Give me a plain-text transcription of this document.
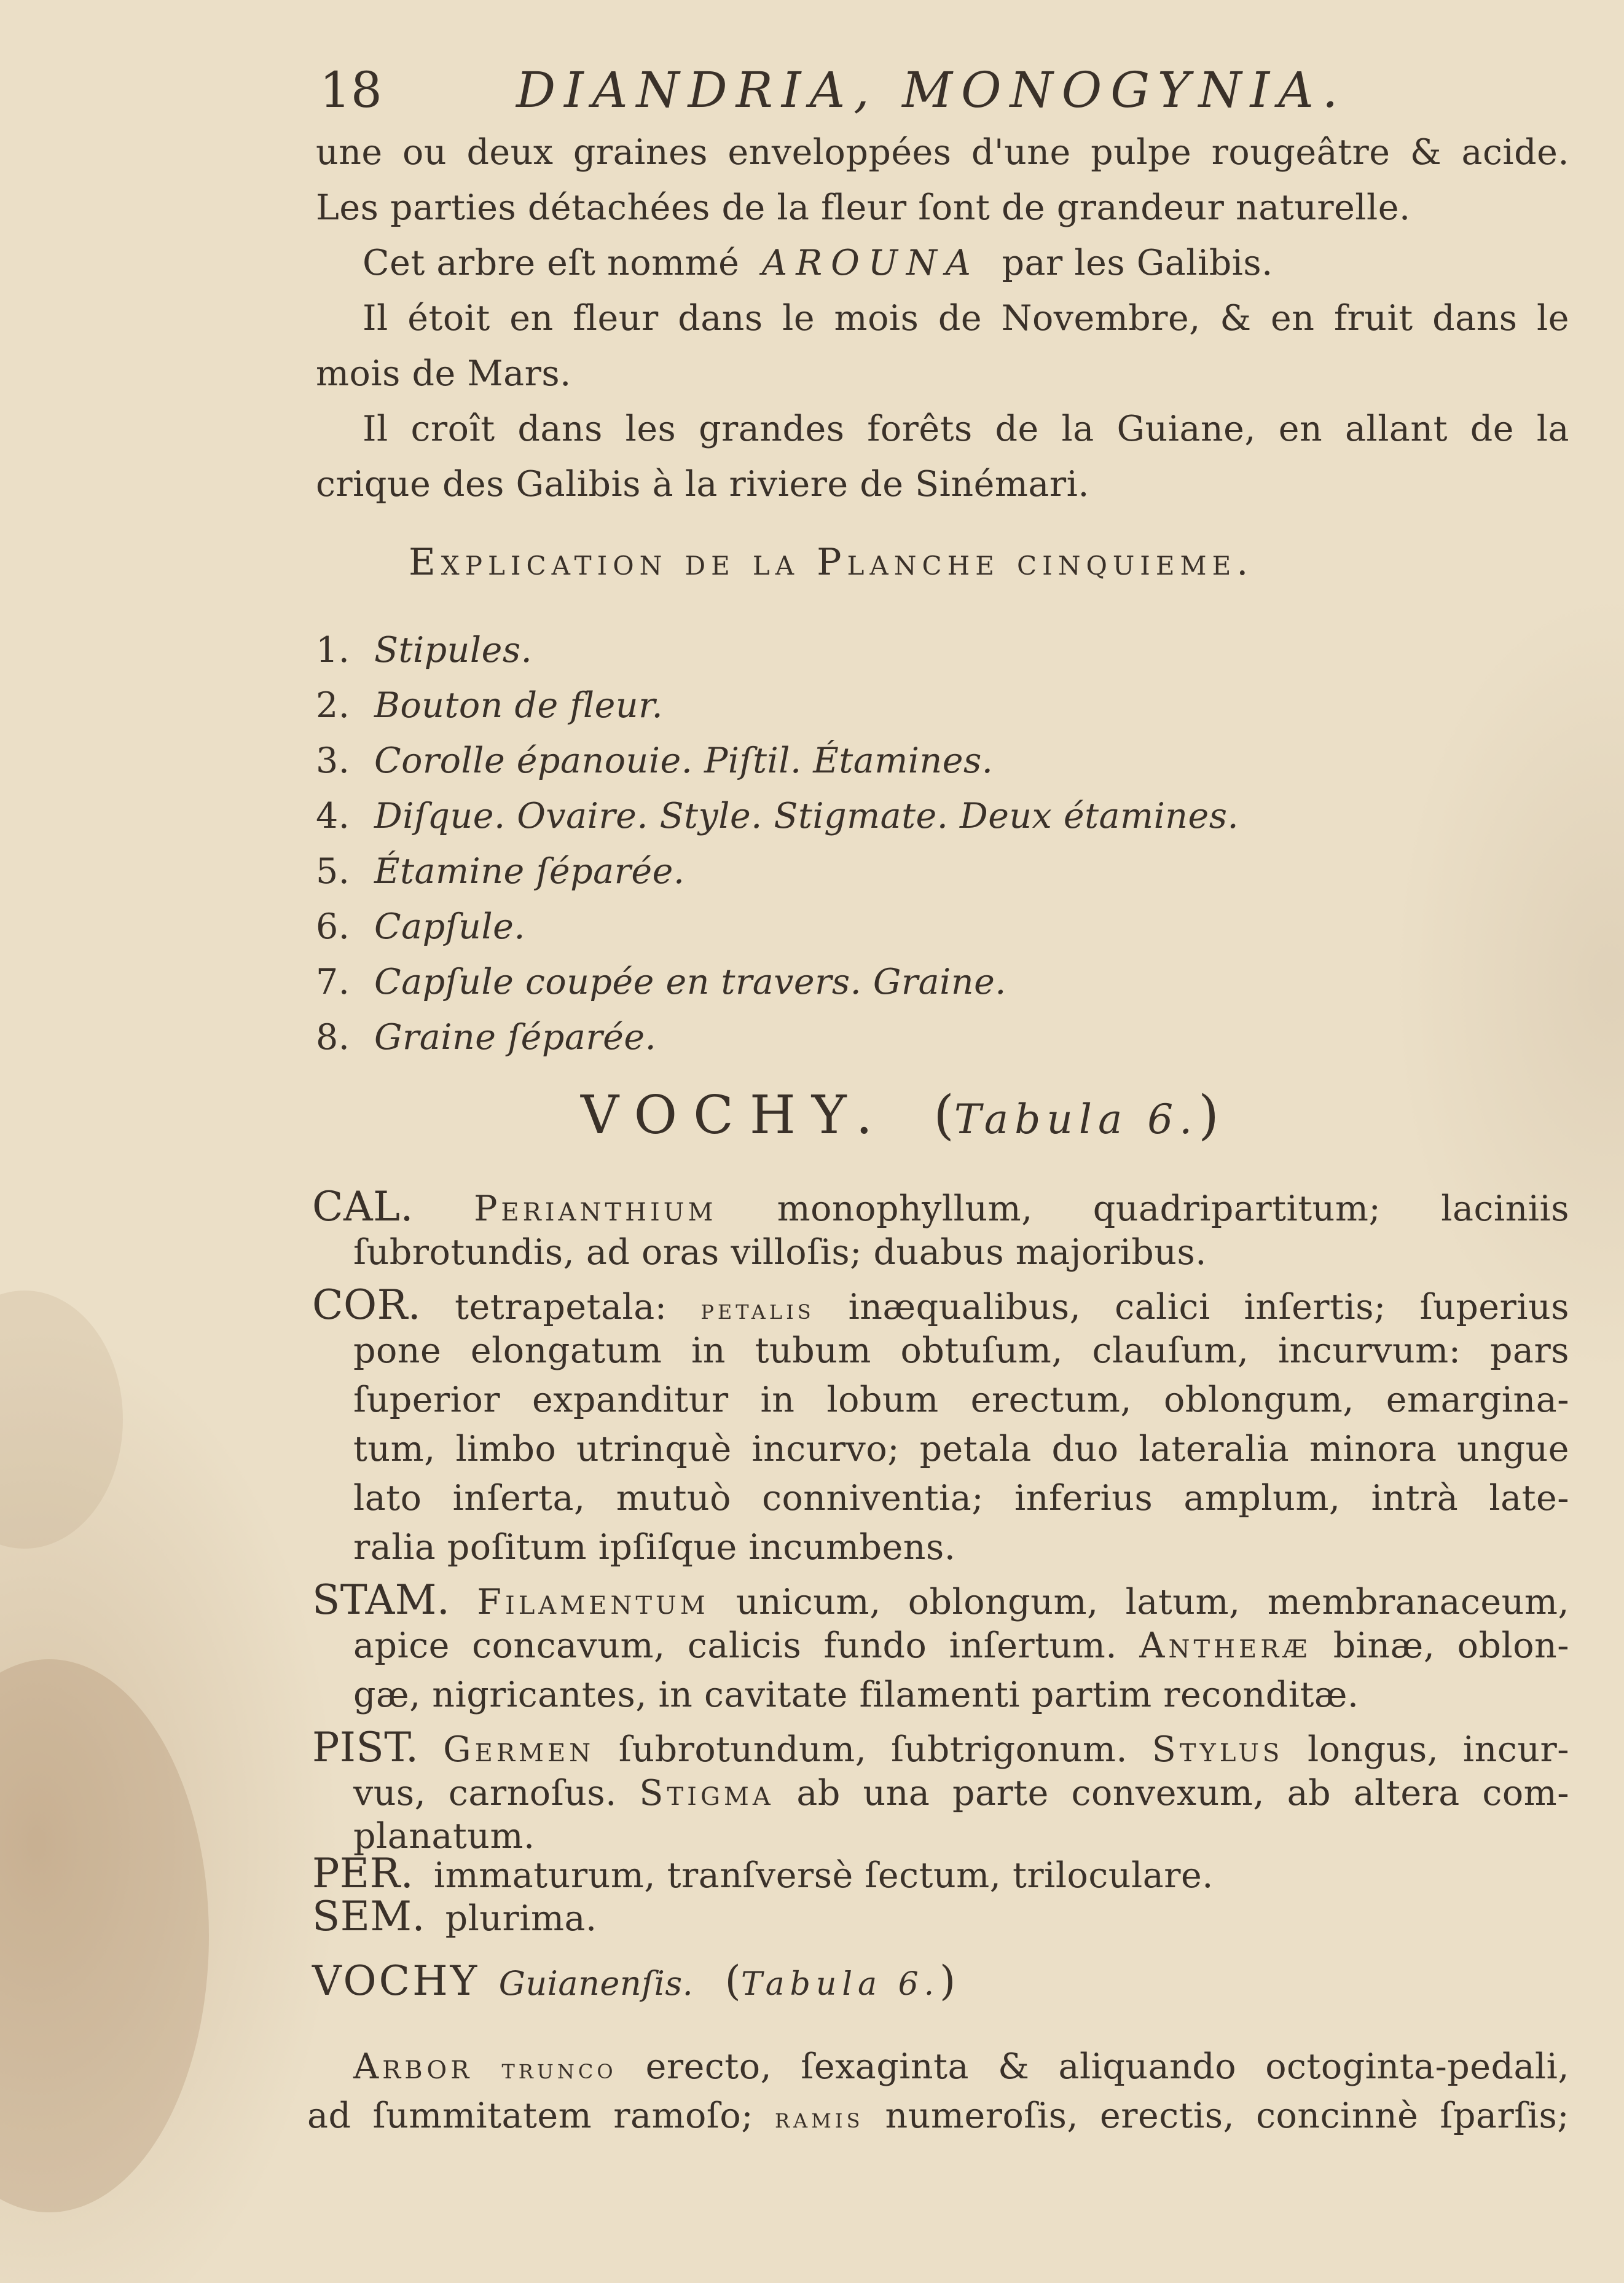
18	DIANDRIA, MONOGYNIA.
une ou deux graines enveloppées d'une pulpe rougeâtre & acide.
Les parties détachées de la fleur ſont de grandeur naturelle.
Cet arbre eſt nommé AROUNA par les Galibis.
Il étoit en fleur dans le mois de Novembre, & en fruit dans le
mois de Mars.
Il croît dans les grandes forêts de la Guiane, en allant de la
crique des Galibis à la riviere de Sinémari.
Explication de la Planche cinquieme.
1. Stipules.
2. Bouton de fleur.
3. Corolle épanouie. Piſtil. Étamines.
4. Diſque. Ovaire. Style. Stigmate. Deux étamines.
5. Étamine ſéparée.
6. Capſule.
7. Capſule coupée en travers. Graine.
8. Graine ſéparée.
VOCHY. (Tabula 6.)
CAL. Perianthium monophyllum, quadripartitum; laciniis
ſubrotundis, ad oras villoſis; duabus majoribus.
COR. tetrapetala: petalis inæqualibus, calici inſertis; ſuperius
pone elongatum in tubum obtuſum, clauſum, incurvum: pars
ſuperior expanditur in lobum erectum, oblongum, emargina-
tum, limbo utrinquè incurvo; petala duo lateralia minora ungue
lato inſerta, mutuò conniventia; inferius amplum, intrà late-
ralia poſitum ipſiſque incumbens.
STAM. Filamentum unicum, oblongum, latum, membranaceum,
apice concavum, calicis fundo inſertum. Antheræ binæ, oblon-
gæ, nigricantes, in cavitate filamenti partim reconditæ.
PIST. Germen ſubrotundum, ſubtrigonum. Stylus longus, incur-
vus, carnoſus. Stigma ab una parte convexum, ab altera com-
planatum.
PER. immaturum, tranſversè ſectum, triloculare.
SEM. plurima.
VOCHY Guianenſis. (Tabula 6.)
Arbor trunco erecto, ſexaginta & aliquando octoginta-pedali,
ad ſummitatem ramoſo; ramis numeroſis, erectis, concinnè ſparſis;
